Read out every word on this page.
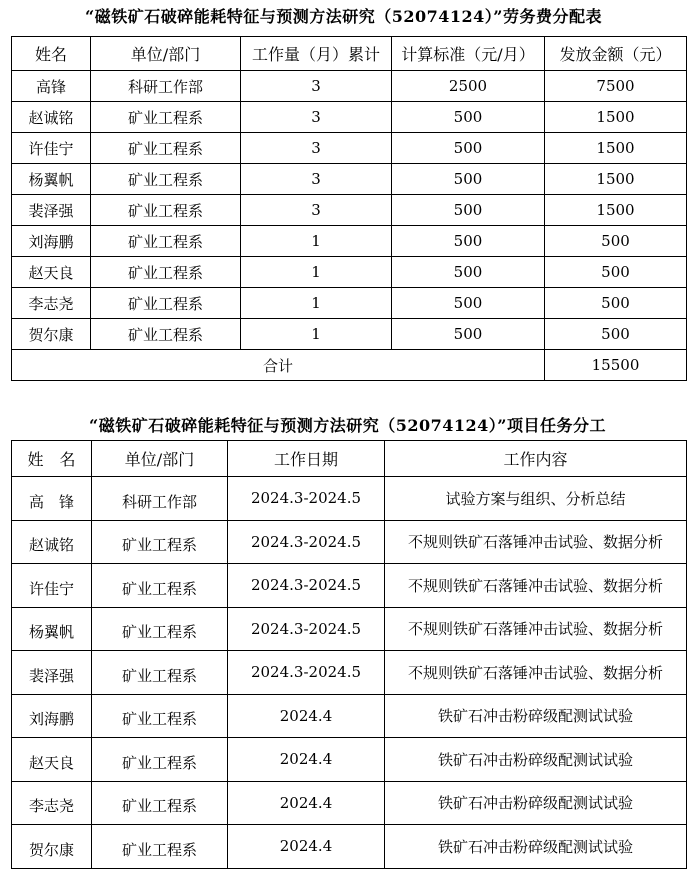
“磁铁矿石破碎能耗特征与预测方法研究（52074124）”劳务费分配表
姓名	单位/部门	工作量（月）累计	计算标准（元/月）	发放金额（元）
高锋	科研工作部	3	2500	7500
赵诚铭	矿业工程系	3	500	1500
许佳宁	矿业工程系	3	500	1500
杨翼帆	矿业工程系	3	500	1500
裴泽强	矿业工程系	3	500	1500
刘海鹏	矿业工程系	1	500	500
赵天良	矿业工程系	1	500	500
李志尧	矿业工程系	1	500	500
贺尔康	矿业工程系	1	500	500
合计				15500
“磁铁矿石破碎能耗特征与预测方法研究（52074124）”项目任务分工
姓　名	单位/部门	工作日期	工作内容
高　锋	科研工作部	2024.3-2024.5	试验方案与组织、分析总结
赵诚铭	矿业工程系	2024.3-2024.5	不规则铁矿石落锤冲击试验、数据分析
许佳宁	矿业工程系	2024.3-2024.5	不规则铁矿石落锤冲击试验、数据分析
杨翼帆	矿业工程系	2024.3-2024.5	不规则铁矿石落锤冲击试验、数据分析
裴泽强	矿业工程系	2024.3-2024.5	不规则铁矿石落锤冲击试验、数据分析
刘海鹏	矿业工程系	2024.4	铁矿石冲击粉碎级配测试试验
赵天良	矿业工程系	2024.4	铁矿石冲击粉碎级配测试试验
李志尧	矿业工程系	2024.4	铁矿石冲击粉碎级配测试试验
贺尔康	矿业工程系	2024.4	铁矿石冲击粉碎级配测试试验
